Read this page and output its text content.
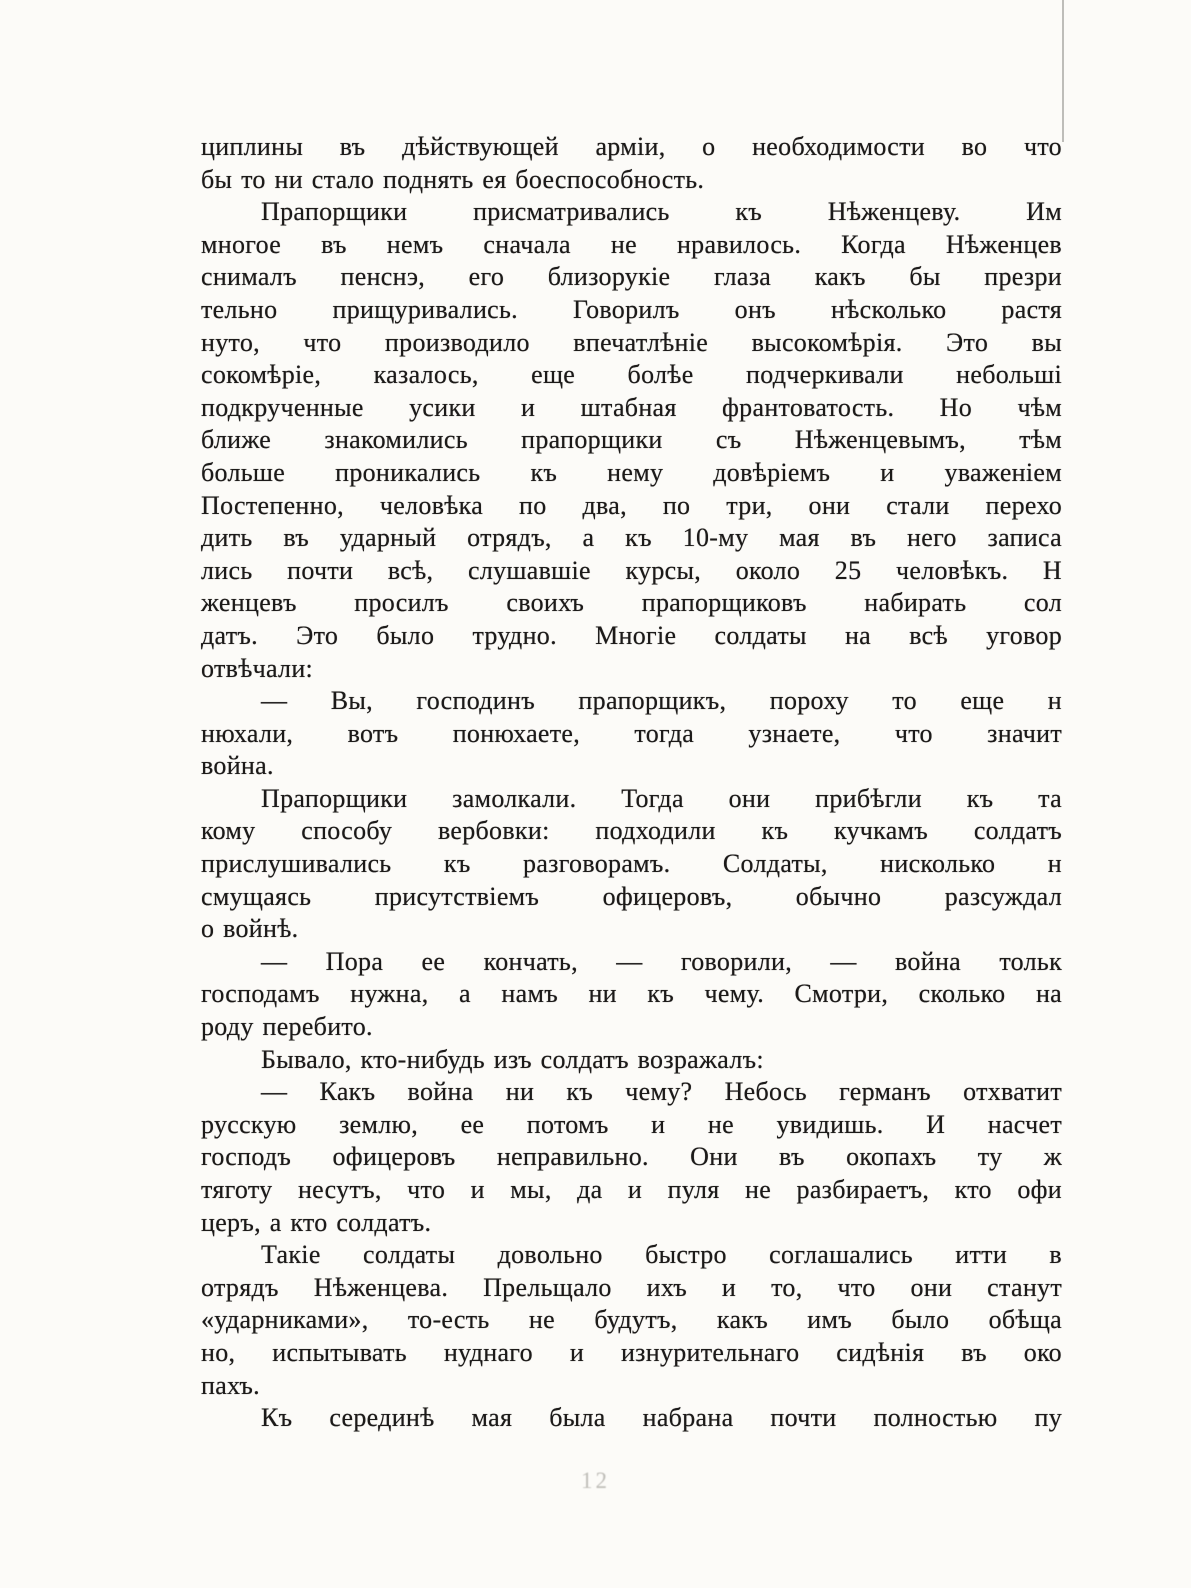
циплины въ дѣйствующей арміи, о необходимости во что
бы то ни стало поднять ея боеспособность.
Прапорщики присматривались къ Нѣженцеву. Им
многое въ немъ сначала не нравилось. Когда Нѣженцев
снималъ пенснэ, его близорукіе глаза какъ бы презри
тельно прищуривались. Говорилъ онъ нѣсколько растя
нуто, что производило впечатлѣніе высокомѣрія. Это вы
сокомѣріе, казалось, еще болѣе подчеркивали небольші
подкрученные усики и штабная франтоватость. Но чѣм
ближе знакомились прапорщики съ Нѣженцевымъ, тѣм
больше проникались къ нему довѣріемъ и уваженіем
Постепенно, человѣка по два, по три, они стали перехо
дить въ ударный отрядъ, а къ 10-му мая въ него записа
лись почти всѣ, слушавшіе курсы, около 25 человѣкъ. Н
женцевъ просилъ своихъ прапорщиковъ набирать сол
датъ. Это было трудно. Многіе солдаты на всѣ уговор
отвѣчали:
— Вы, господинъ прапорщикъ, пороху то еще н
нюхали, вотъ понюхаете, тогда узнаете, что значит
война.
Прапорщики замолкали. Тогда они прибѣгли къ та
кому способу вербовки: подходили къ кучкамъ солдатъ
прислушивались къ разговорамъ. Солдаты, нисколько н
смущаясь присутствіемъ офицеровъ, обычно разсуждал
о войнѣ.
— Пора ее кончать, — говорили, — война тольк
господамъ нужна, а намъ ни къ чему. Смотри, сколько на
роду перебито.
Бывало, кто-нибудь изъ солдатъ возражалъ:
— Какъ война ни къ чему? Небось германъ отхватит
русскую землю, ее потомъ и не увидишь. И насчет
господъ офицеровъ неправильно. Они въ окопахъ ту ж
тяготу несутъ, что и мы, да и пуля не разбираетъ, кто офи
церъ, а кто солдатъ.
Такіе солдаты довольно быстро соглашались итти в
отрядъ Нѣженцева. Прельщало ихъ и то, что они станут
«ударниками», то-есть не будутъ, какъ имъ было обѣща
но, испытывать нуднаго и изнурительнаго сидѣнія въ око
пахъ.
Къ серединѣ мая была набрана почти полностью пу
12
